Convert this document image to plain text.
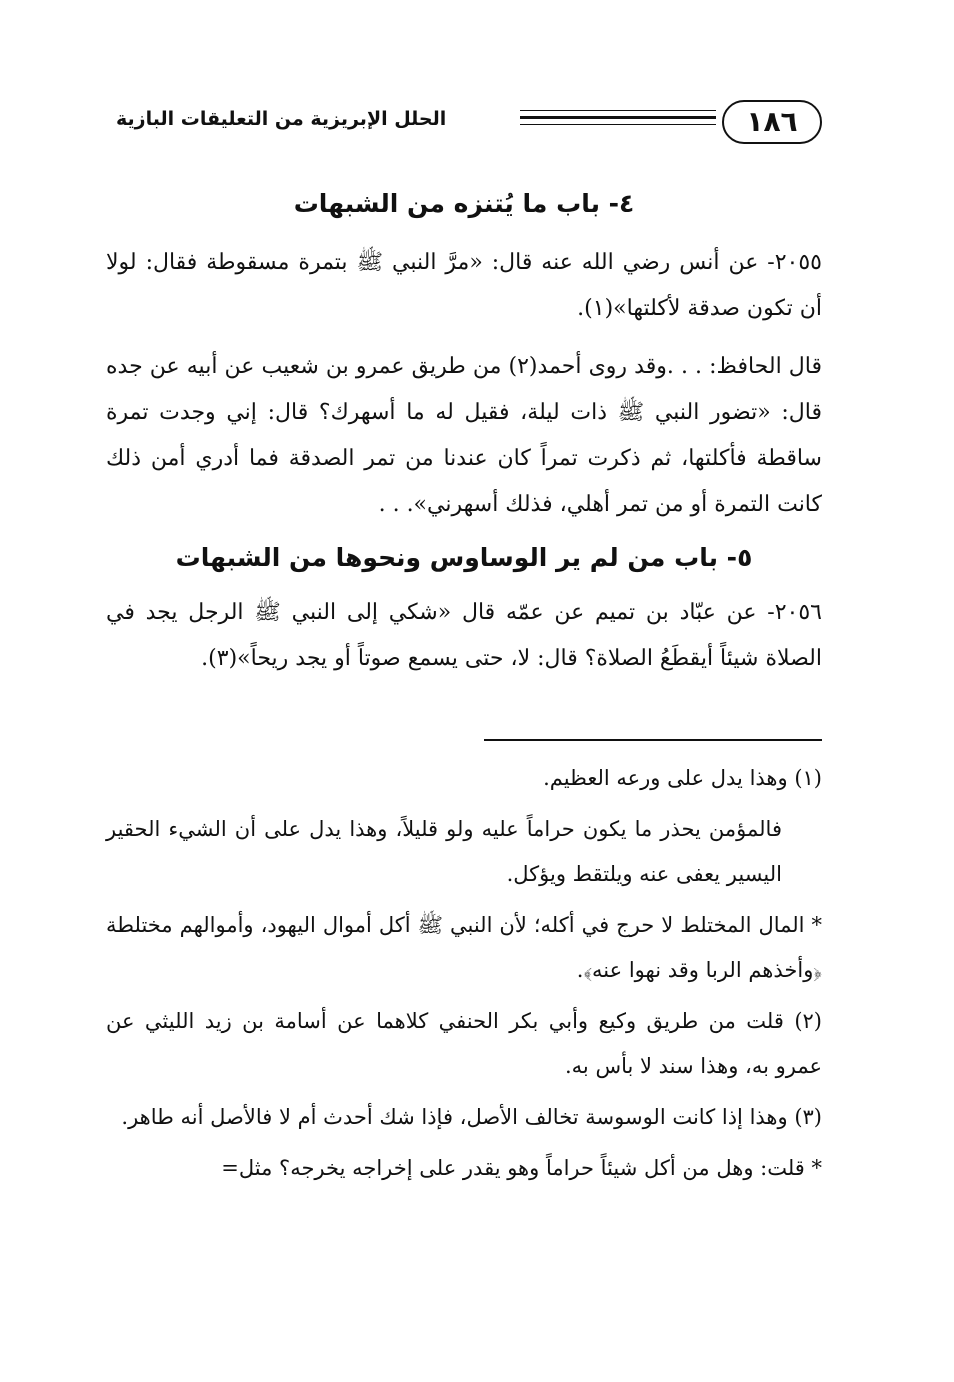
١٨٦
الحلل الإبريزية من التعليقات البازية
٤- باب ما يُتنزه من الشبهات

٢٠٥٥- عن أنس رضي الله عنه قال: «مرَّ النبي ﷺ بتمرة مسقوطة فقال: لولا أن تكون صدقة لأكلتها»(١).

قال الحافظ: . . .وقد روى أحمد(٢) من طريق عمرو بن شعيب عن أبيه عن جده قال: «تضور النبي ﷺ ذات ليلة، فقيل له ما أسهرك؟ قال: إني وجدت تمرة ساقطة فأكلتها، ثم ذكرت تمراً كان عندنا من تمر الصدقة فما أدري أمن ذلك كانت التمرة أو من تمر أهلي، فذلك أسهرني». . .

٥- باب من لم ير الوساوس ونحوها من الشبهات

٢٠٥٦- عن عبّاد بن تميم عن عمّه قال «شكي إلى النبي ﷺ الرجل يجد في الصلاة شيئاً أيقطَعُ الصلاة؟ قال: لا، حتى يسمع صوتاً أو يجد ريحاً»(٣).

(١) وهذا يدل على ورعه العظيم.

فالمؤمن يحذر ما يكون حراماً عليه ولو قليلاً، وهذا يدل على أن الشيء الحقير اليسير يعفى عنه ويلتقط ويؤكل.

* المال المختلط لا حرج في أكله؛ لأن النبي ﷺ أكل أموال اليهود، وأموالهم مختلطة ﴿وأخذهم الربا وقد نهوا عنه﴾.

(٢) قلت من طريق وكيع وأبي بكر الحنفي كلاهما عن أسامة بن زيد الليثي عن عمرو به، وهذا سند لا بأس به.

(٣) وهذا إذا كانت الوسوسة تخالف الأصل، فإذا شك أحدث أم لا فالأصل أنه طاهر.

* قلت: وهل من أكل شيئاً حراماً وهو يقدر على إخراجه يخرجه؟ مثل=
